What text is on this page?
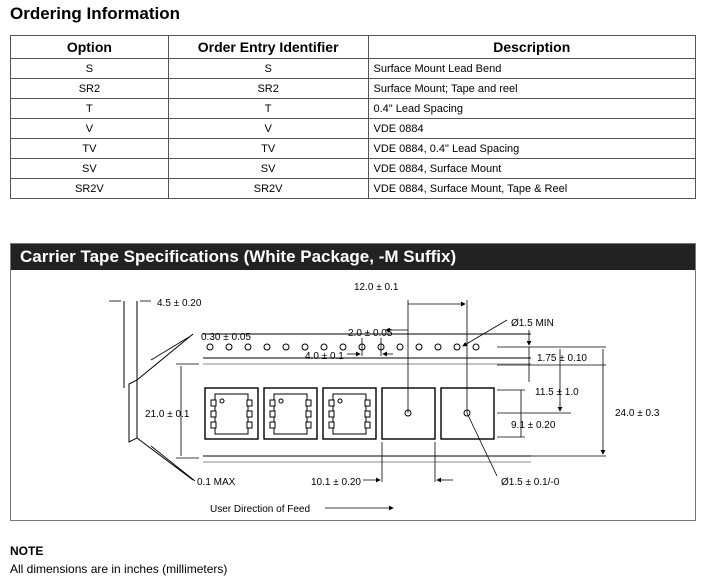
Ordering Information
Option	Order Entry Identifier	Description
S	S	Surface Mount Lead Bend
SR2	SR2	Surface Mount; Tape and reel
T	T	0.4" Lead Spacing
V	V	VDE 0884
TV	TV	VDE 0884, 0.4" Lead Spacing
SV	SV	VDE 0884, Surface Mount
SR2V	SR2V	VDE 0884, Surface Mount, Tape & Reel
Carrier Tape Specifications (White Package, -M Suffix)
12.0 ± 0.1
4.5 ± 0.20
0.30 ± 0.05	2.0 ± 0.05
Ø1.5 MIN
4.0 ± 0.1	1.75 ± 0.10
11.5 ± 1.0
21.0 ± 0.1	24.0 ± 0.3
9.1 ± 0.20
0.1 MAX	10.1 ± 0.20	Ø1.5 ± 0.1/-0
User Direction of Feed
NOTE
All dimensions are in inches (millimeters)
